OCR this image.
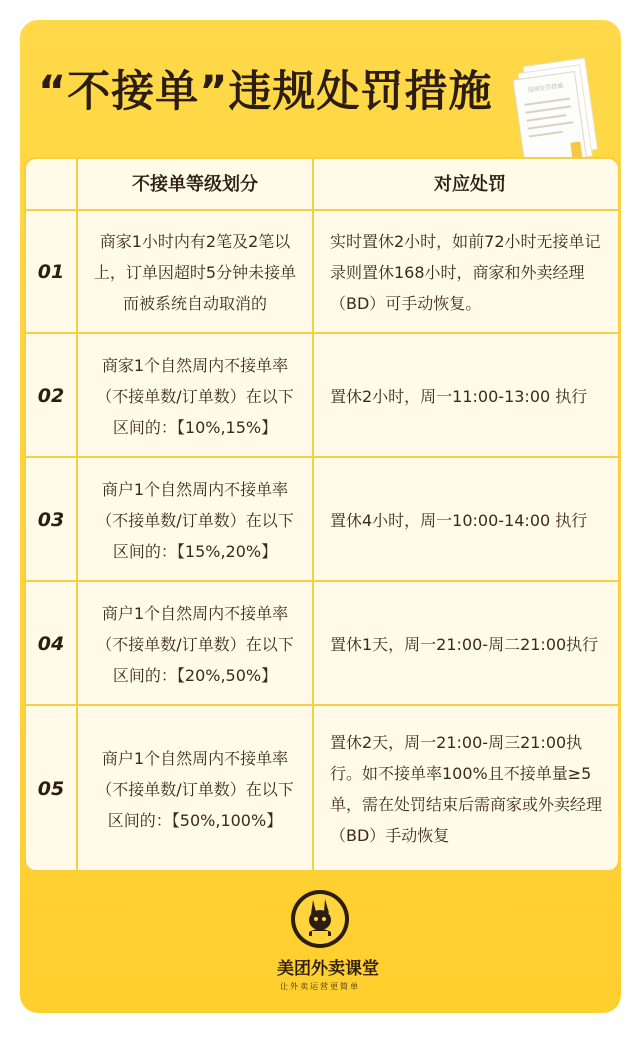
“不接单”违规处罚措施	违规处罚措施
不接单等级划分	对应处罚
01
商家1小时内有2笔及2笔以上，订单因超时5分钟未接单而被系统自动取消的
实时置休2小时，如前72小时无接单记录则置休168小时，商家和外卖经理（BD）可手动恢复。
02
商家1个自然周内不接单率（不接单数/订单数）在以下区间的：【10%,15%】
置休2小时，周一11:00-13:00 执行
03
商户1个自然周内不接单率（不接单数/订单数）在以下区间的：【15%,20%】
置休4小时，周一10:00-14:00 执行
04
商户1个自然周内不接单率（不接单数/订单数）在以下区间的：【20%,50%】
置休1天，周一21:00-周二21:00执行
05
商户1个自然周内不接单率（不接单数/订单数）在以下区间的：【50%,100%】
置休2天，周一21:00-周三21:00执行。如不接单率100%且不接单量≥5单，需在处罚结束后需商家或外卖经理（BD）手动恢复
美团外卖课堂
让外卖运营更简单
